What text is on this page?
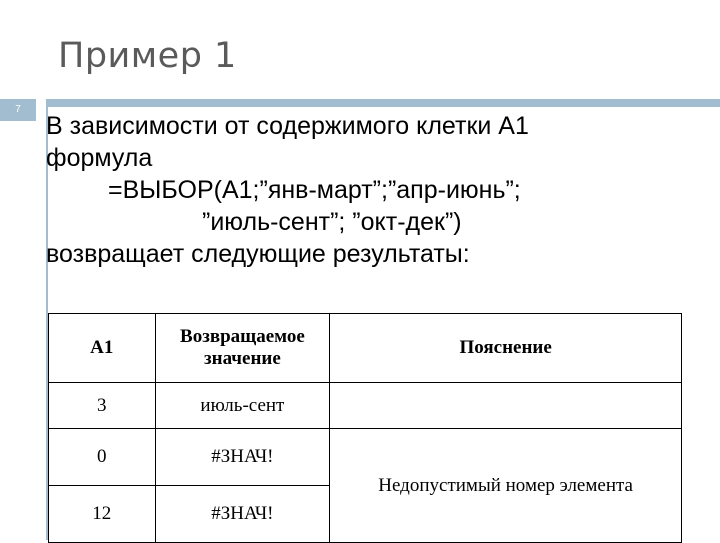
Пример 1
7
В зависимости от содержимого клетки А1
формула
=ВЫБОР(А1;”янв-март”;”апр-июнь”;
”июль-сент”; ”окт-дек”)
возвращает следующие результаты:
А1	Возвращаемое значение	Пояснение
3	июль-сент	
0	#ЗНАЧ!	Недопустимый номер элемента
12	#ЗНАЧ!	
